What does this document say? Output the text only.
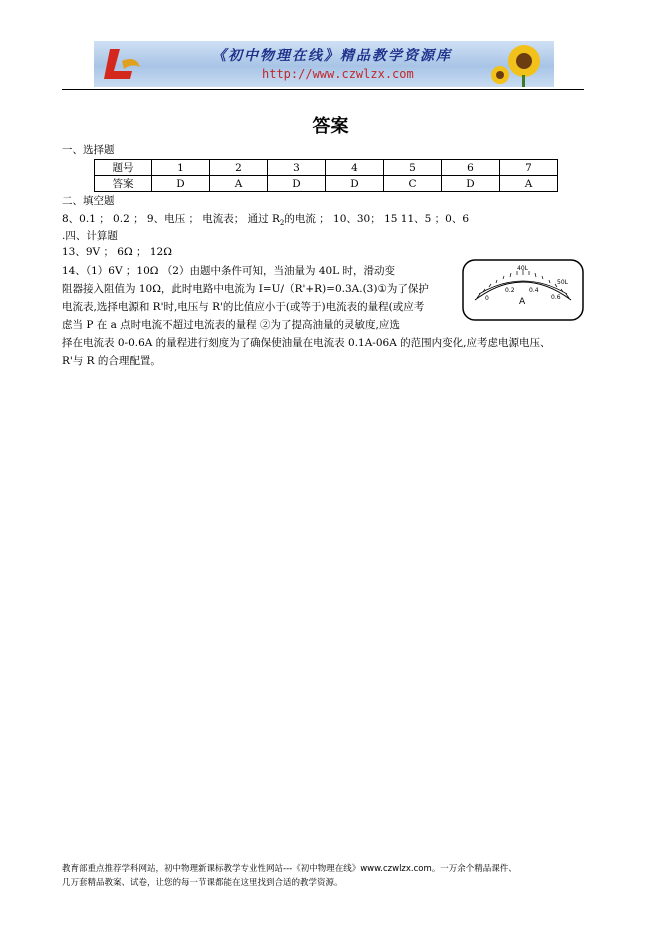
《初中物理在线》精品教学资源库
http://www.czwlzx.com
答案
一、选择题
题号	1	2	3	4	5	6	7
答案	D	A	D	D	C	D	A
二、填空题
8、0.1 ； 0.2 ； 9、电压 ； 电流表； 通过 $R_2$的电流 ； 10、30； 15 11、5 ；0、6
.四、计算题
13、9V ； 6Ω ； 12Ω
14、（1）6V ；10Ω （2）由题中条件可知，当油量为 40L 时，滑动变
阻器接入阻值为 10Ω，此时电路中电流为 I=U/（R'+R)=0.3A.(3)①为了保护
电流表,选择电源和 R'时,电压与 R'的比值应小于(或等于)电流表的量程(或应考
虑当 P 在 a 点时电流不超过电流表的量程 ②为了提高油量的灵敏度,应选
择在电流表 0-0.6A 的量程进行刻度为了确保使油量在电流表 0.1A-06A 的范围内变化,应考虑电源电压、
R'与 R 的合理配置。
40L
50L
0
0.2 0.4
0.6
A
教育部重点推荐学科网站，初中物理新课标教学专业性网站---《初中物理在线》www.czwlzx.com。一万余个精品课件、
几万套精品教案、试卷，让您的每一节课都能在这里找到合适的教学资源。
